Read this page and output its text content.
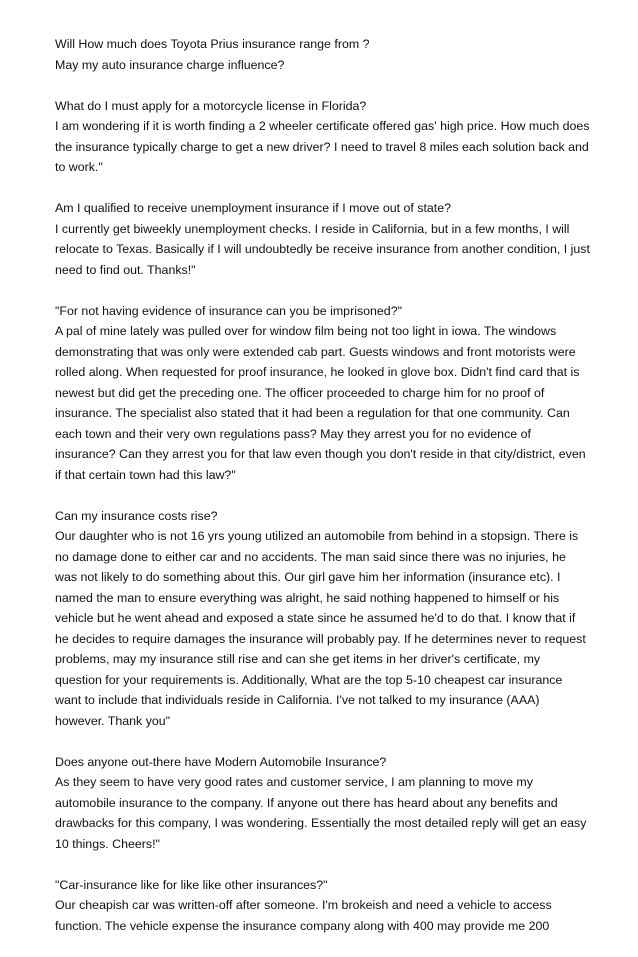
Will How much does Toyota Prius insurance range from ?

May my auto insurance charge influence?

What do I must apply for a motorcycle license in Florida?

I am wondering if it is worth finding a 2 wheeler certificate offered gas' high price. How much does the insurance typically charge to get a new driver? I need to travel 8 miles each solution back and to work."

Am I qualified to receive unemployment insurance if I move out of state?

I currently get biweekly unemployment checks. I reside in California, but in a few months, I will relocate to Texas. Basically if I will undoubtedly be receive insurance from another condition, I just need to find out. Thanks!"

"For not having evidence of insurance can you be imprisoned?"

A pal of mine lately was pulled over for window film being not too light in iowa. The windows demonstrating that was only were extended cab part. Guests windows and front motorists were rolled along. When requested for proof insurance, he looked in glove box. Didn't find card that is newest but did get the preceding one. The officer proceeded to charge him for no proof of insurance. The specialist also stated that it had been a regulation for that one community. Can each town and their very own regulations pass? May they arrest you for no evidence of insurance? Can they arrest you for that law even though you don't reside in that city/district, even if that certain town had this law?"

Can my insurance costs rise?

Our daughter who is not 16 yrs young utilized an automobile from behind in a stopsign. There is no damage done to either car and no accidents. The man said since there was no injuries, he was not likely to do something about this. Our girl gave him her information (insurance etc). I named the man to ensure everything was alright, he said nothing happened to himself or his vehicle but he went ahead and exposed a state since he assumed he'd to do that. I know that if he decides to require damages the insurance will probably pay. If he determines never to request problems, may my insurance still rise and can she get items in her driver's certificate, my question for your requirements is. Additionally, What are the top 5-10 cheapest car insurance want to include that individuals reside in California. I've not talked to my insurance (AAA) however. Thank you"

Does anyone out-there have Modern Automobile Insurance?

As they seem to have very good rates and customer service, I am planning to move my automobile insurance to the company. If anyone out there has heard about any benefits and drawbacks for this company, I was wondering. Essentially the most detailed reply will get an easy 10 things. Cheers!"

"Car-insurance like for like like other insurances?"

Our cheapish car was written-off after someone. I'm brokeish and need a vehicle to access function. The vehicle expense the insurance company along with 400 may provide me 200
